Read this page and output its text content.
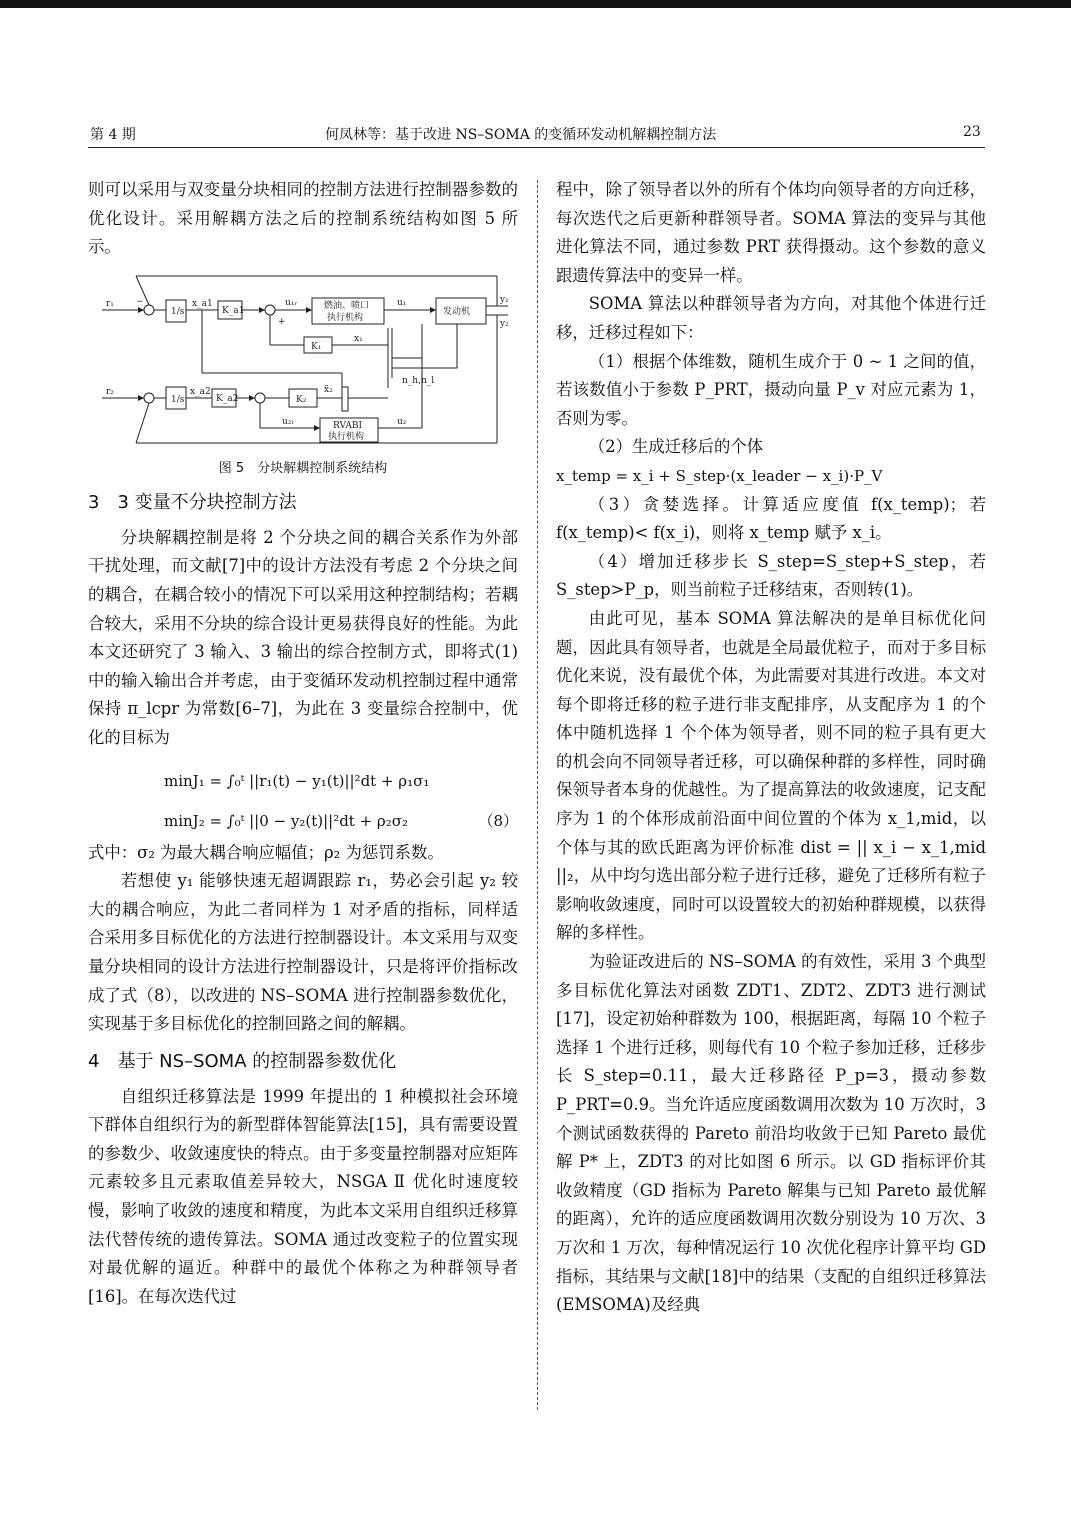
第 4 期	何凤林等：基于改进 NS–SOMA 的变循环发动机解耦控制方法	23

则可以采用与双变量分块相同的控制方法进行控制器参数的优化设计。采用解耦方法之后的控制系统结构如图 5 所示。

r₁
r₂
1/s
1/s
x_a1
x_a2
K_a1
K_a2
u₁ᵣ	燃油、喷口
执行机构
u₁
发动机
y₁
y₂
K₁
x₁
K₂
x̃₂
n_h,n_l
u₂ᵣ	RVABI
执行机构
u₂
+
−
图 5　分块解耦控制系统结构
3　3 变量不分块控制方法

分块解耦控制是将 2 个分块之间的耦合关系作为外部干扰处理，而文献[7]中的设计方法没有考虑 2 个分块之间的耦合，在耦合较小的情况下可以采用这种控制结构；若耦合较大，采用不分块的综合设计更易获得良好的性能。为此本文还研究了 3 输入、3 输出的综合控制方式，即将式(1)中的输入输出合并考虑，由于变循环发动机控制过程中通常保持 π_lcpr 为常数[6–7]，为此在 3 变量综合控制中，优化的目标为

minJ₁ = ∫₀ᵗ ||r₁(t) − y₁(t)||²dt + ρ₁σ₁
minJ₂ = ∫₀ᵗ ||0 − y₂(t)||²dt + ρ₂σ₂	（8）

式中：σ₂ 为最大耦合响应幅值；ρ₂ 为惩罚系数。

若想使 y₁ 能够快速无超调跟踪 r₁，势必会引起 y₂ 较大的耦合响应，为此二者同样为 1 对矛盾的指标，同样适合采用多目标优化的方法进行控制器设计。本文采用与双变量分块相同的设计方法进行控制器设计，只是将评价指标改成了式（8），以改进的 NS–SOMA 进行控制器参数优化，实现基于多目标优化的控制回路之间的解耦。

4　基于 NS–SOMA 的控制器参数优化

自组织迁移算法是 1999 年提出的 1 种模拟社会环境下群体自组织行为的新型群体智能算法[15]，具有需要设置的参数少、收敛速度快的特点。由于多变量控制器对应矩阵元素较多且元素取值差异较大，NSGA Ⅱ 优化时速度较慢，影响了收敛的速度和精度，为此本文采用自组织迁移算法代替传统的遗传算法。SOMA 通过改变粒子的位置实现对最优解的逼近。种群中的最优个体称之为种群领导者[16]。在每次迭代过

程中，除了领导者以外的所有个体均向领导者的方向迁移，每次迭代之后更新种群领导者。SOMA 算法的变异与其他进化算法不同，通过参数 PRT 获得摄动。这个参数的意义跟遗传算法中的变异一样。

SOMA 算法以种群领导者为方向，对其他个体进行迁移，迁移过程如下：

（1）根据个体维数，随机生成介于 0 ~ 1 之间的值，若该数值小于参数 P_PRT，摄动向量 P_v 对应元素为 1，否则为零。

（2）生成迁移后的个体

x_temp = x_i + S_step·(x_leader − x_i)·P_V

（3）贪婪选择。计算适应度值 f(x_temp)；若 f(x_temp)< f(x_i)，则将 x_temp 赋予 x_i。

（4）增加迁移步长 S_step=S_step+S_step，若 S_step>P_p，则当前粒子迁移结束，否则转(1)。

由此可见，基本 SOMA 算法解决的是单目标优化问题，因此具有领导者，也就是全局最优粒子，而对于多目标优化来说，没有最优个体，为此需要对其进行改进。本文对每个即将迁移的粒子进行非支配排序，从支配序为 1 的个体中随机选择 1 个个体为领导者，则不同的粒子具有更大的机会向不同领导者迁移，可以确保种群的多样性，同时确保领导者本身的优越性。为了提高算法的收敛速度，记支配序为 1 的个体形成前沿面中间位置的个体为 x_1,mid，以个体与其的欧氏距离为评价标准 dist = || x_i − x_1,mid ||₂，从中均匀选出部分粒子进行迁移，避免了迁移所有粒子影响收敛速度，同时可以设置较大的初始种群规模，以获得解的多样性。

为验证改进后的 NS–SOMA 的有效性，采用 3 个典型多目标优化算法对函数 ZDT1、ZDT2、ZDT3 进行测试[17]，设定初始种群数为 100，根据距离，每隔 10 个粒子选择 1 个进行迁移，则每代有 10 个粒子参加迁移，迁移步长 S_step=0.11，最大迁移路径 P_p=3，摄动参数 P_PRT=0.9。当允许适应度函数调用次数为 10 万次时，3 个测试函数获得的 Pareto 前沿均收敛于已知 Pareto 最优解 P* 上，ZDT3 的对比如图 6 所示。以 GD 指标评价其收敛精度（GD 指标为 Pareto 解集与已知 Pareto 最优解的距离），允许的适应度函数调用次数分别设为 10 万次、3 万次和 1 万次，每种情况运行 10 次优化程序计算平均 GD 指标，其结果与文献[18]中的结果（支配的自组织迁移算法(EMSOMA)及经典
